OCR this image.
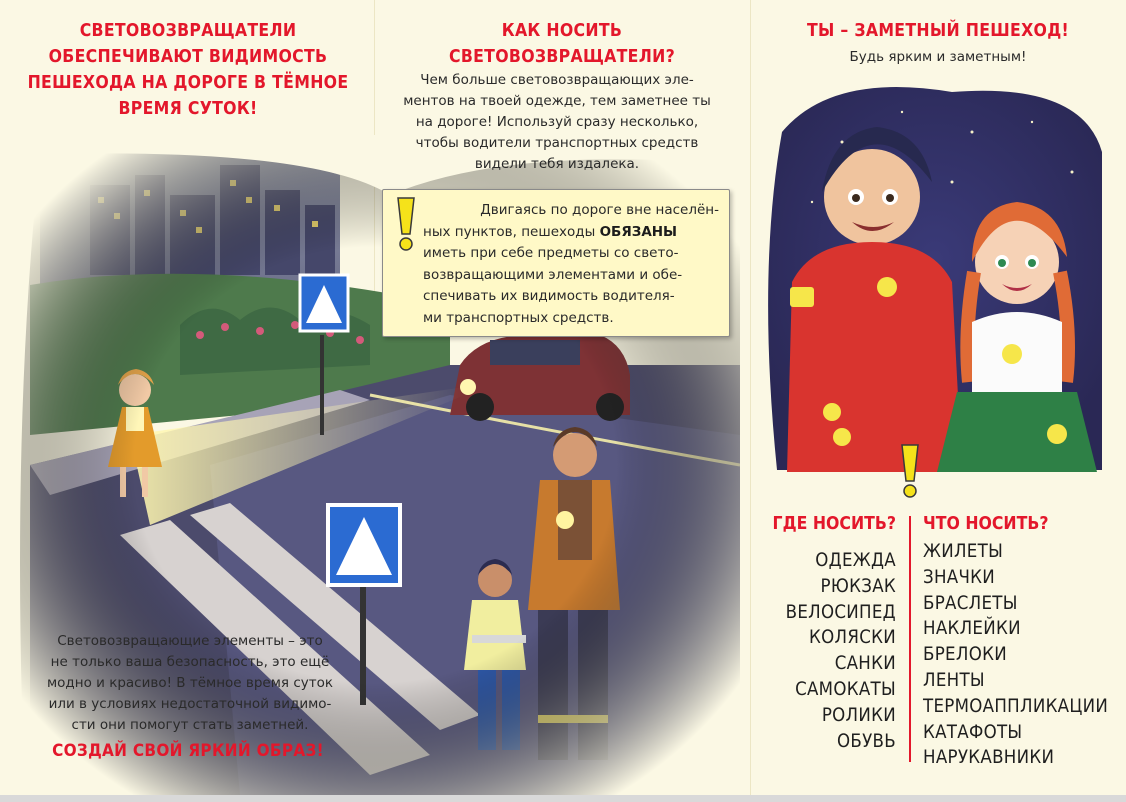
СВЕТОВОЗВРАЩАТЕЛИ
ОБЕСПЕЧИВАЮТ ВИДИМОСТЬ
ПЕШЕХОДА НА ДОРОГЕ В ТЁМНОЕ
ВРЕМЯ СУТОК!
Световозвращающие элементы – это
не только ваша безопасность, это ещё
модно и красиво! В тёмное время суток
или в условиях недостаточной видимо-
сти они помогут стать заметней.
СОЗДАЙ СВОЙ ЯРКИЙ ОБРАЗ!
КАК НОСИТЬ
СВЕТОВОЗВРАЩАТЕЛИ?
Чем больше световозвращающих эле-
ментов на твоей одежде, тем заметнее ты
на дороге! Используй сразу несколько,
чтобы водители транспортных средств
видели тебя издалека.
Двигаясь по дороге вне населён-
ных пунктов, пешеходы ОБЯЗАНЫ
иметь при себе предметы со свето-
возвращающими элементами и обе-
спечивать их видимость водителя-
ми транспортных средств.
ТЫ – ЗАМЕТНЫЙ ПЕШЕХОД!
Будь ярким и заметным!
ГДЕ НОСИТЬ? ЧТО НОСИТЬ?
ОДЕЖДА
РЮКЗАК
ВЕЛОСИПЕД
КОЛЯСКИ
САНКИ
САМОКАТЫ
РОЛИКИ
ОБУВЬ
ЖИЛЕТЫ
ЗНАЧКИ
БРАСЛЕТЫ
НАКЛЕЙКИ
БРЕЛОКИ
ЛЕНТЫ
ТЕРМОАППЛИКАЦИИ
КАТАФОТЫ
НАРУКАВНИКИ
